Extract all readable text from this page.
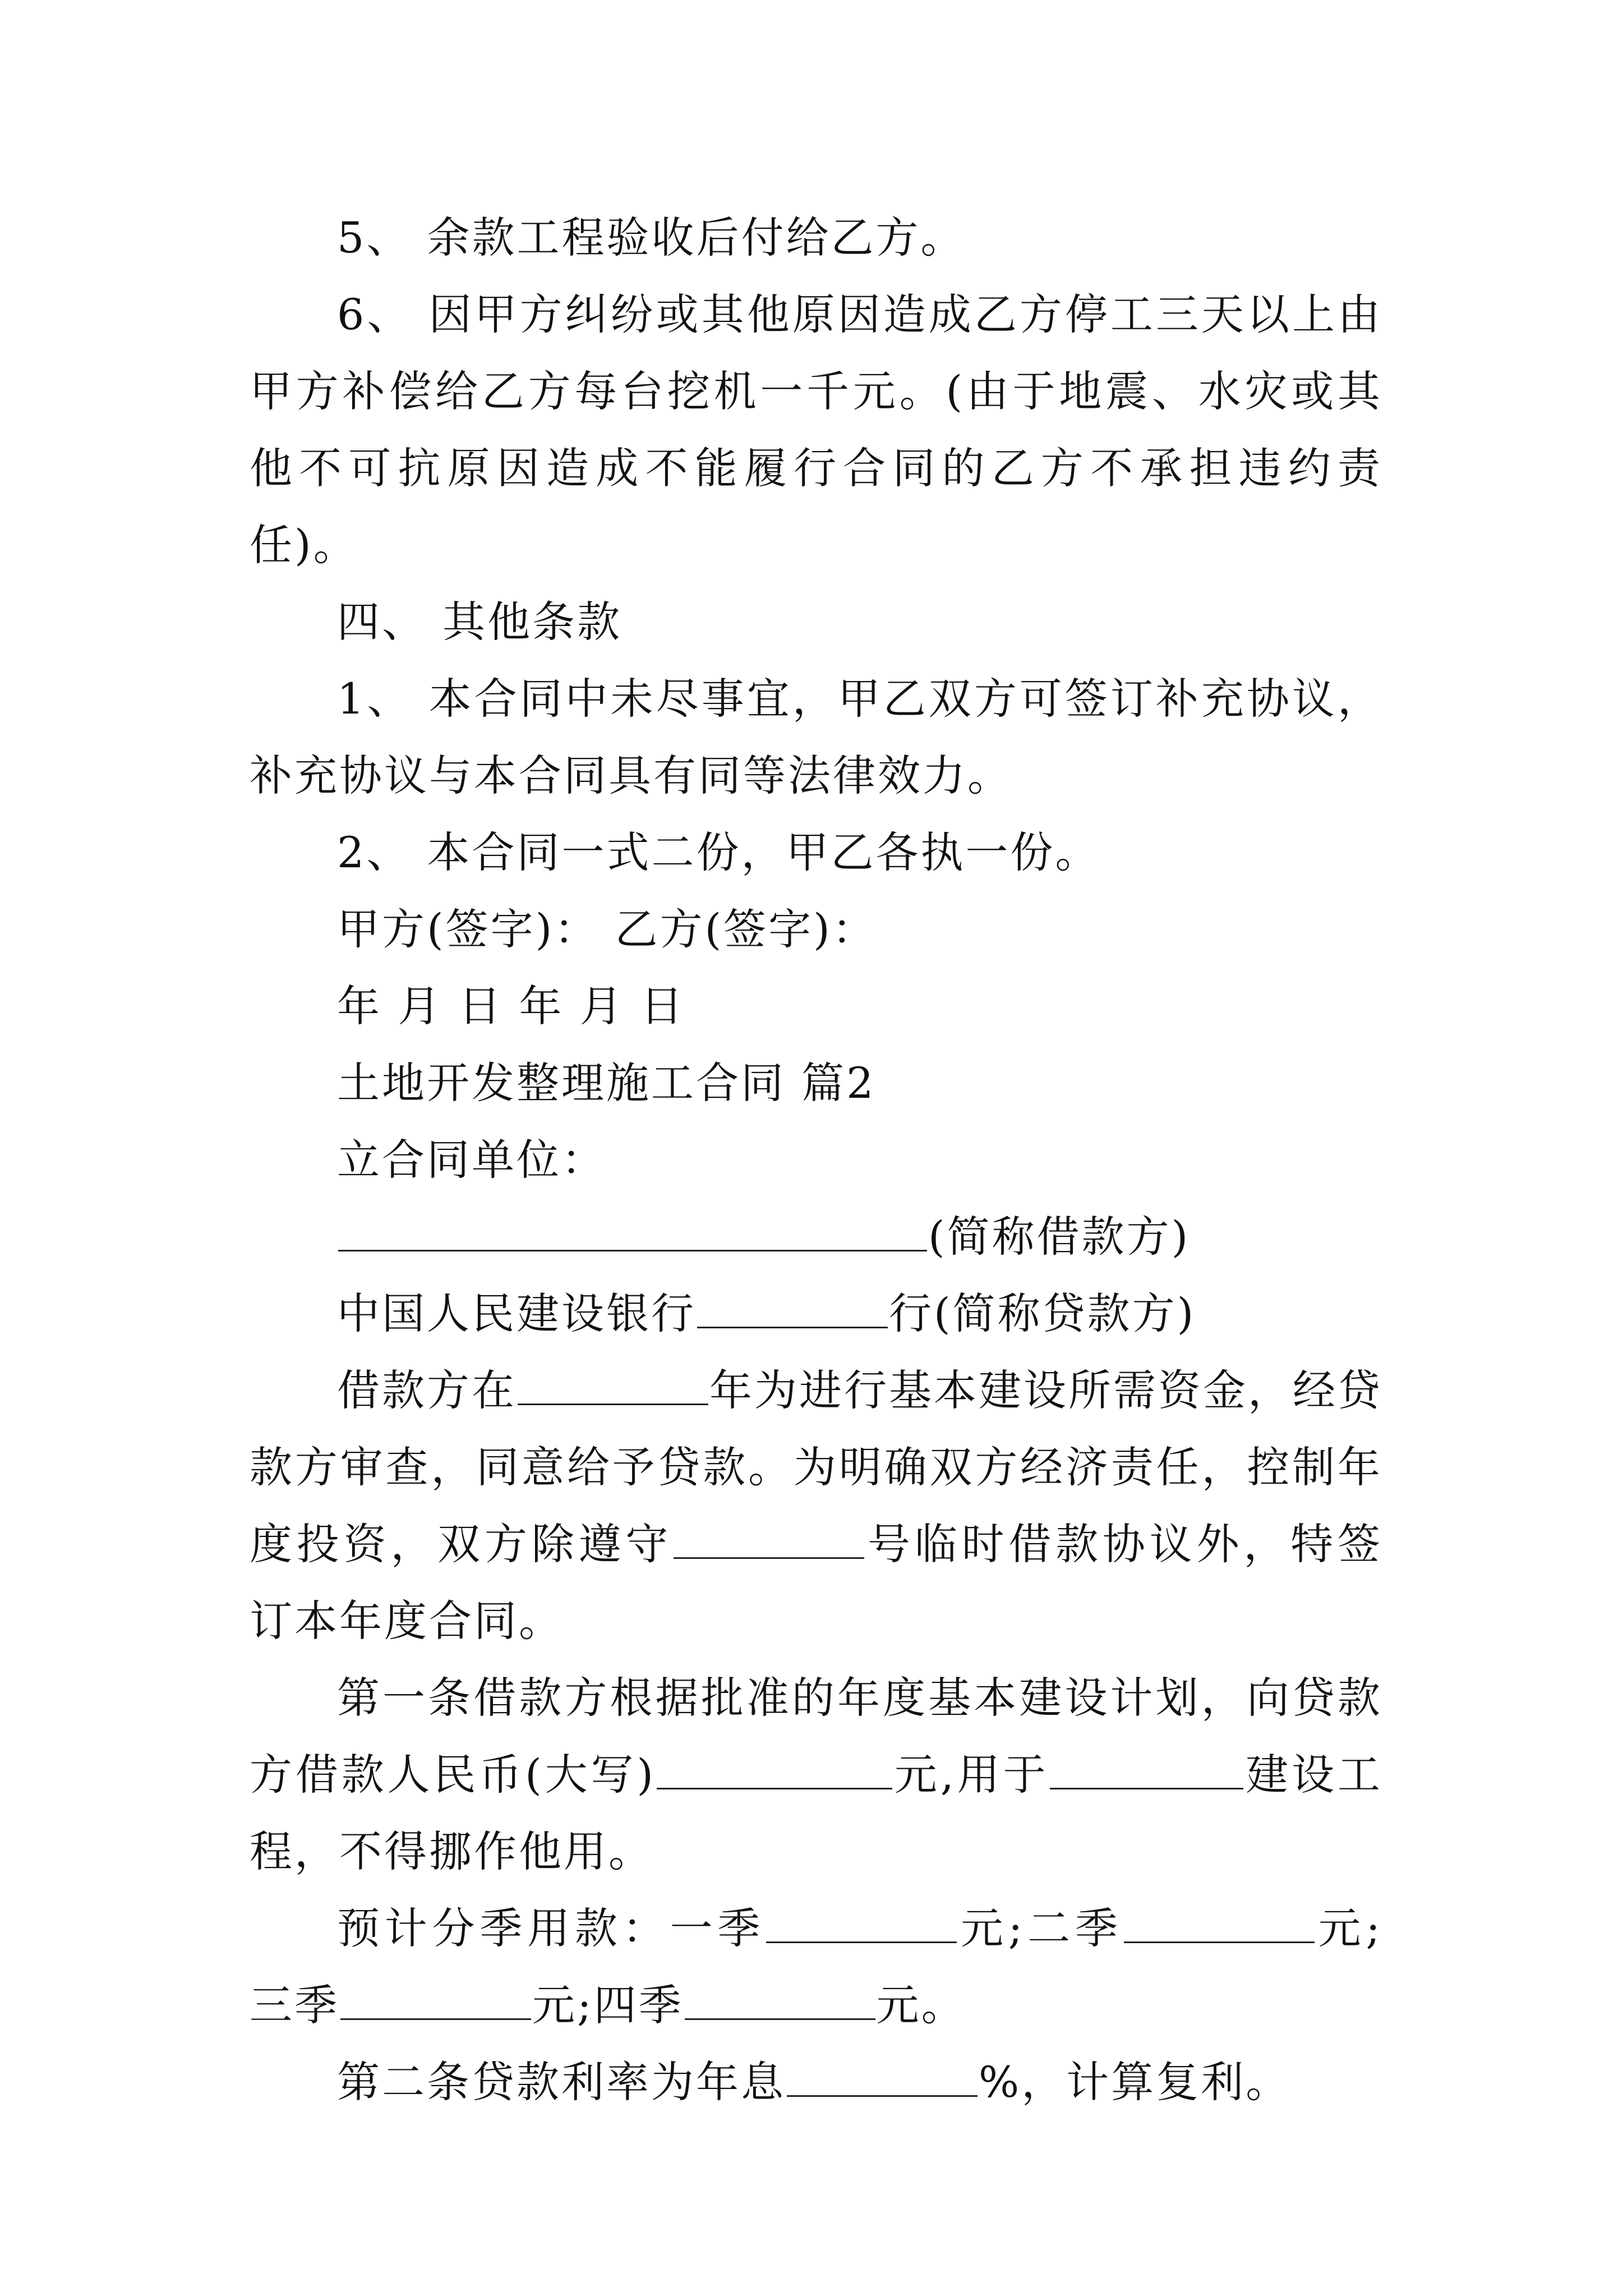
5、 余款工程验收后付给乙方。

6、 因甲方纠纷或其他原因造成乙方停工三天以上由甲方补偿给乙方每台挖机一千元。(由于地震、水灾或其他不可抗原因造成不能履行合同的乙方不承担违约责任)。

四、 其他条款

1、 本合同中未尽事宜，甲乙双方可签订补充协议，补充协议与本合同具有同等法律效力。

2、 本合同一式二份，甲乙各执一份。

甲方(签字)： 乙方(签字)：

年 月 日 年 月 日

土地开发整理施工合同 篇2

立合同单位：

(简称借款方)

中国人民建设银行	行(简称贷款方)

借款方在	年为进行基本建设所需资金，经贷款方审查，同意给予贷款。为明确双方经济责任，控制年度投资，双方除遵守	号临时借款协议外，特签订本年度合同。

第一条借款方根据批准的年度基本建设计划，向贷款方借款人民币(大写)	元,用于	建设工程，不得挪作他用。

预计分季用款：一季	元;二季	元;三季	元;四季	元。

第二条贷款利率为年息	%，计算复利。
